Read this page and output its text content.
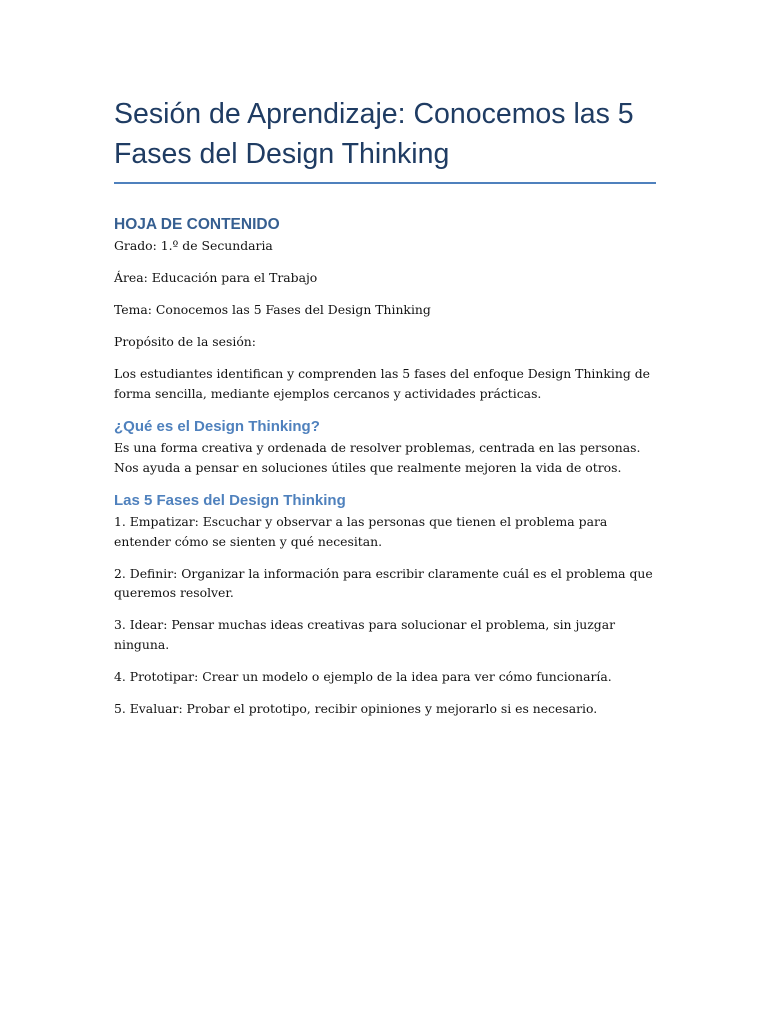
Sesión de Aprendizaje: Conocemos las 5 Fases del Design Thinking
HOJA DE CONTENIDO

Grado: 1.º de Secundaria

Área: Educación para el Trabajo

Tema: Conocemos las 5 Fases del Design Thinking

Propósito de la sesión:

Los estudiantes identifican y comprenden las 5 fases del enfoque Design Thinking de forma sencilla, mediante ejemplos cercanos y actividades prácticas.

¿Qué es el Design Thinking?

Es una forma creativa y ordenada de resolver problemas, centrada en las personas. Nos ayuda a pensar en soluciones útiles que realmente mejoren la vida de otros.

Las 5 Fases del Design Thinking

1. Empatizar: Escuchar y observar a las personas que tienen el problema para entender cómo se sienten y qué necesitan.

2. Definir: Organizar la información para escribir claramente cuál es el problema que queremos resolver.

3. Idear: Pensar muchas ideas creativas para solucionar el problema, sin juzgar ninguna.

4. Prototipar: Crear un modelo o ejemplo de la idea para ver cómo funcionaría.

5. Evaluar: Probar el prototipo, recibir opiniones y mejorarlo si es necesario.
